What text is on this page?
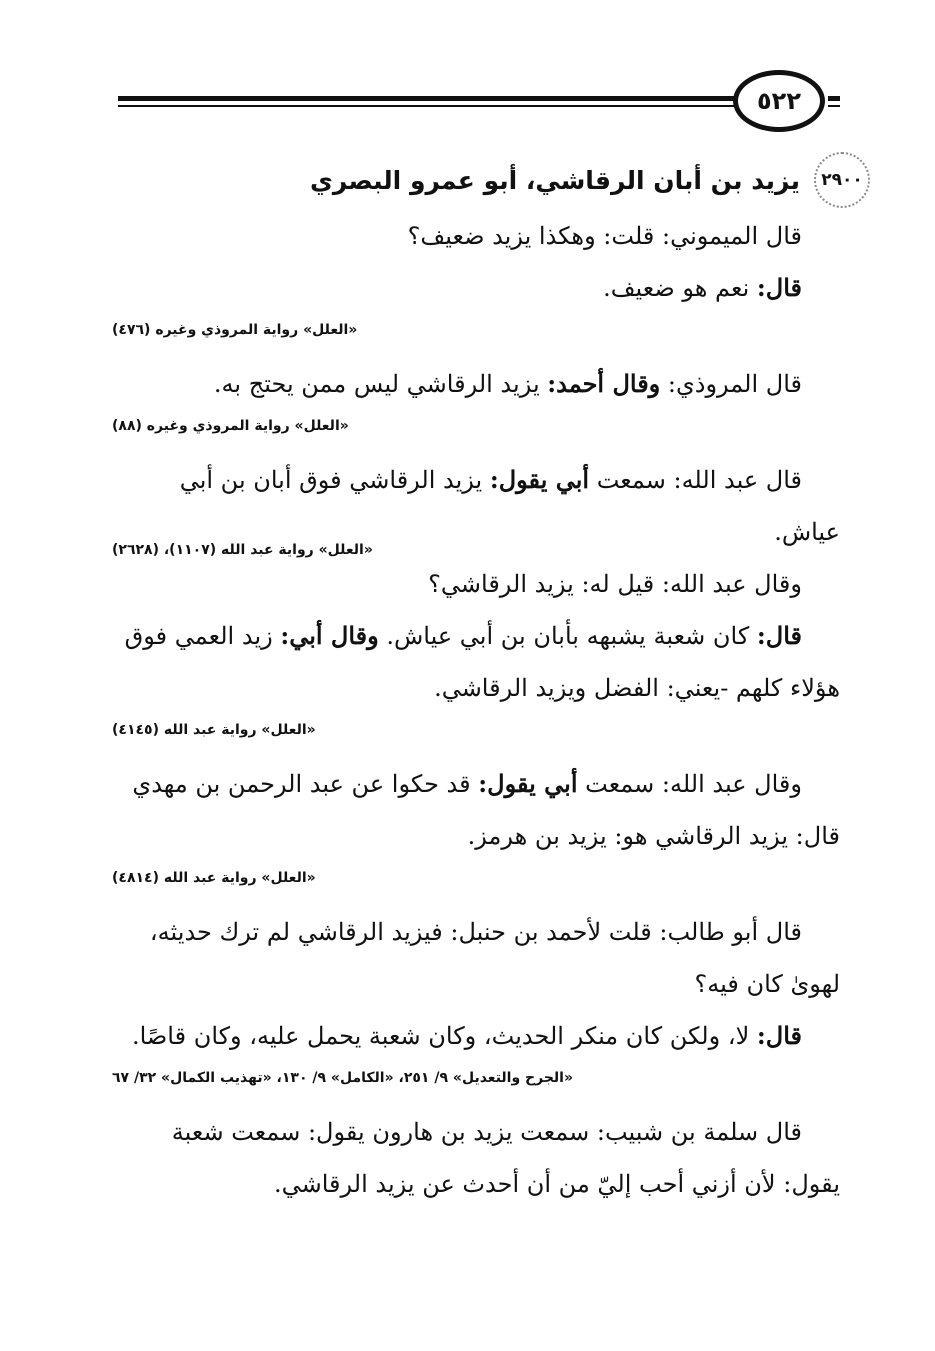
٥٢٢
٢٩٠٠
يزيد بن أبان الرقاشي، أبو عمرو البصري

قال الميموني: قلت: وهكذا يزيد ضعيف؟

قال: نعم هو ضعيف.

«العلل» رواية المروذي وغيره (٤٧٦)

قال المروذي: وقال أحمد: يزيد الرقاشي ليس ممن يحتج به.

«العلل» رواية المروذي وغيره (٨٨)

قال عبد الله: سمعت أبي يقول: يزيد الرقاشي فوق أبان بن أبي عياش.
«العلل» رواية عبد الله (١١٠٧)، (٢٦٢٨)

وقال عبد الله: قيل له: يزيد الرقاشي؟

قال: كان شعبة يشبهه بأبان بن أبي عياش. وقال أبي: زيد العمي فوق هؤلاء كلهم -يعني: الفضل ويزيد الرقاشي.

«العلل» رواية عبد الله (٤١٤٥)

وقال عبد الله: سمعت أبي يقول: قد حكوا عن عبد الرحمن بن مهدي قال: يزيد الرقاشي هو: يزيد بن هرمز.

«العلل» رواية عبد الله (٤٨١٤)

قال أبو طالب: قلت لأحمد بن حنبل: فيزيد الرقاشي لم ترك حديثه، لهوىٰ كان فيه؟

قال: لا، ولكن كان منكر الحديث، وكان شعبة يحمل عليه، وكان قاصًا.

«الجرح والتعديل» ٩/ ٢٥١، «الكامل» ٩/ ١٣٠، «تهذيب الكمال» ٣٢/ ٦٧

قال سلمة بن شبيب: سمعت يزيد بن هارون يقول: سمعت شعبة يقول: لأن أزني أحب إليّ من أن أحدث عن يزيد الرقاشي.
